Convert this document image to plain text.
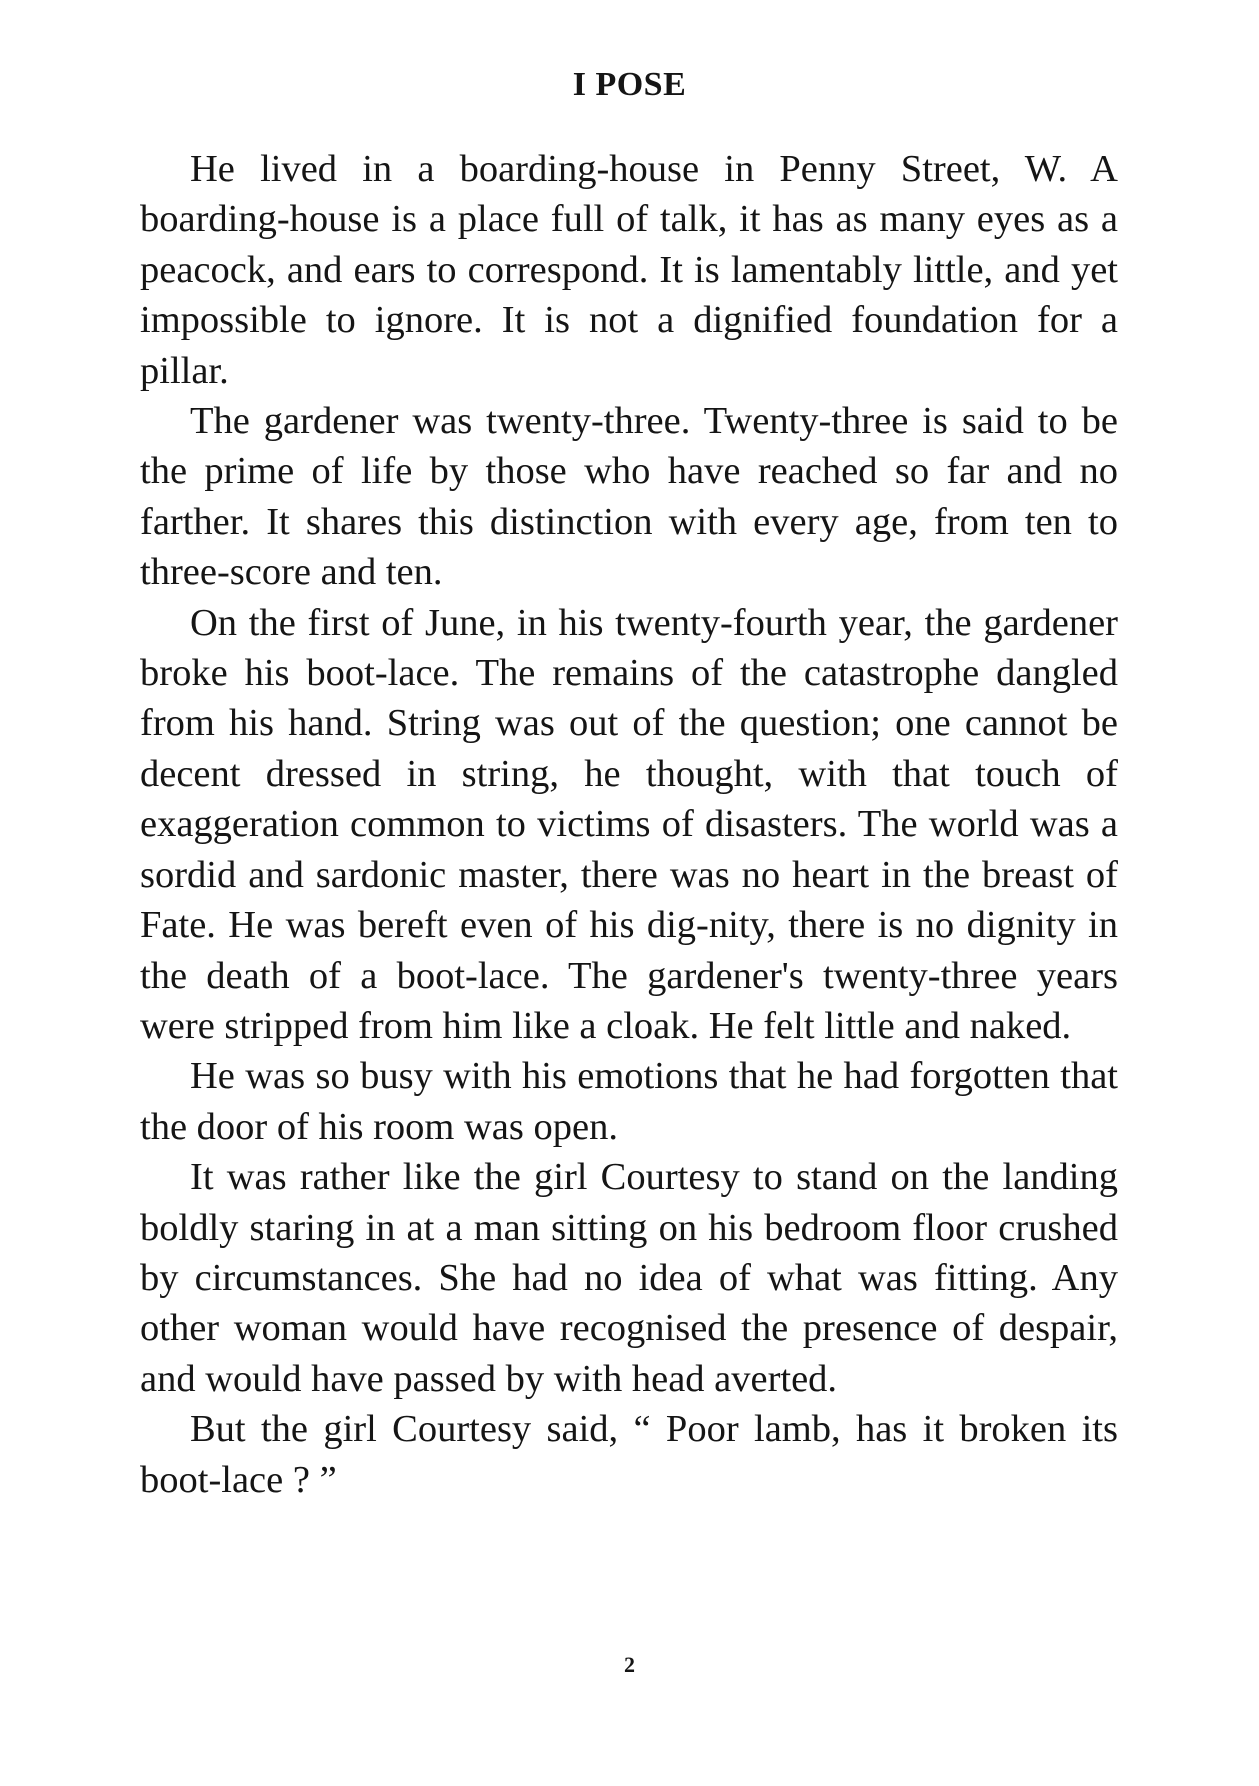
I POSE

He lived in a boarding-house in Penny Street, W. A boarding-house is a place full of talk, it has as many eyes as a peacock, and ears to correspond. It is lamentably little, and yet impossible to ignore. It is not a dignified foundation for a pillar.

The gardener was twenty-three. Twenty-three is said to be the prime of life by those who have reached so far and no farther. It shares this distinction with every age, from ten to three-score and ten.

On the first of June, in his twenty-fourth year, the gardener broke his boot-lace. The remains of the catastrophe dangled from his hand. String was out of the question; one cannot be decent dressed in string, he thought, with that touch of exaggeration common to victims of disasters. The world was a sordid and sardonic master, there was no heart in the breast of Fate. He was bereft even of his dig-nity, there is no dignity in the death of a boot-lace. The gardener's twenty-three years were stripped from him like a cloak. He felt little and naked.

He was so busy with his emotions that he had forgotten that the door of his room was open.

It was rather like the girl Courtesy to stand on the landing boldly staring in at a man sitting on his bedroom floor crushed by circumstances. She had no idea of what was fitting. Any other woman would have recognised the presence of despair, and would have passed by with head averted.

But the girl Courtesy said, “ Poor lamb, has it broken its boot-lace ? ”

2
